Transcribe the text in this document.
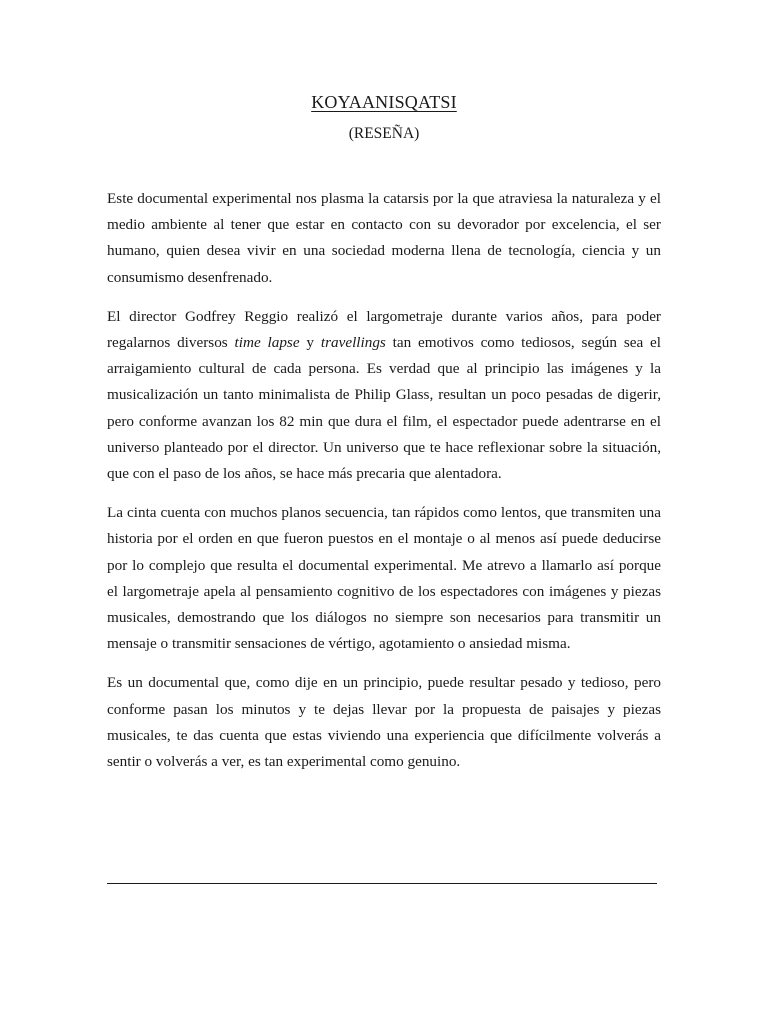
KOYAANISQATSI
(RESEÑA)

Este documental experimental nos plasma la catarsis por la que atraviesa la naturaleza y el medio ambiente al tener que estar en contacto con su devorador por excelencia, el ser humano, quien desea vivir en una sociedad moderna llena de tecnología, ciencia y un consumismo desenfrenado.

El director Godfrey Reggio realizó el largometraje durante varios años, para poder regalarnos diversos time lapse y travellings tan emotivos como tediosos, según sea el arraigamiento cultural de cada persona. Es verdad que al principio las imágenes y la musicalización un tanto minimalista de Philip Glass, resultan un poco pesadas de digerir, pero conforme avanzan los 82 min que dura el film, el espectador puede adentrarse en el universo planteado por el director. Un universo que te hace reflexionar sobre la situación, que con el paso de los años, se hace más precaria que alentadora.

La cinta cuenta con muchos planos secuencia, tan rápidos como lentos, que transmiten una historia por el orden en que fueron puestos en el montaje o al menos así puede deducirse por lo complejo que resulta el documental experimental. Me atrevo a llamarlo así porque el largometraje apela al pensamiento cognitivo de los espectadores con imágenes y piezas musicales, demostrando que los diálogos no siempre son necesarios para transmitir un mensaje o transmitir sensaciones de vértigo, agotamiento o ansiedad misma.

Es un documental que, como dije en un principio, puede resultar pesado y tedioso, pero conforme pasan los minutos y te dejas llevar por la propuesta de paisajes y piezas musicales, te das cuenta que estas viviendo una experiencia que difícilmente volverás a sentir o volverás a ver, es tan experimental como genuino.
